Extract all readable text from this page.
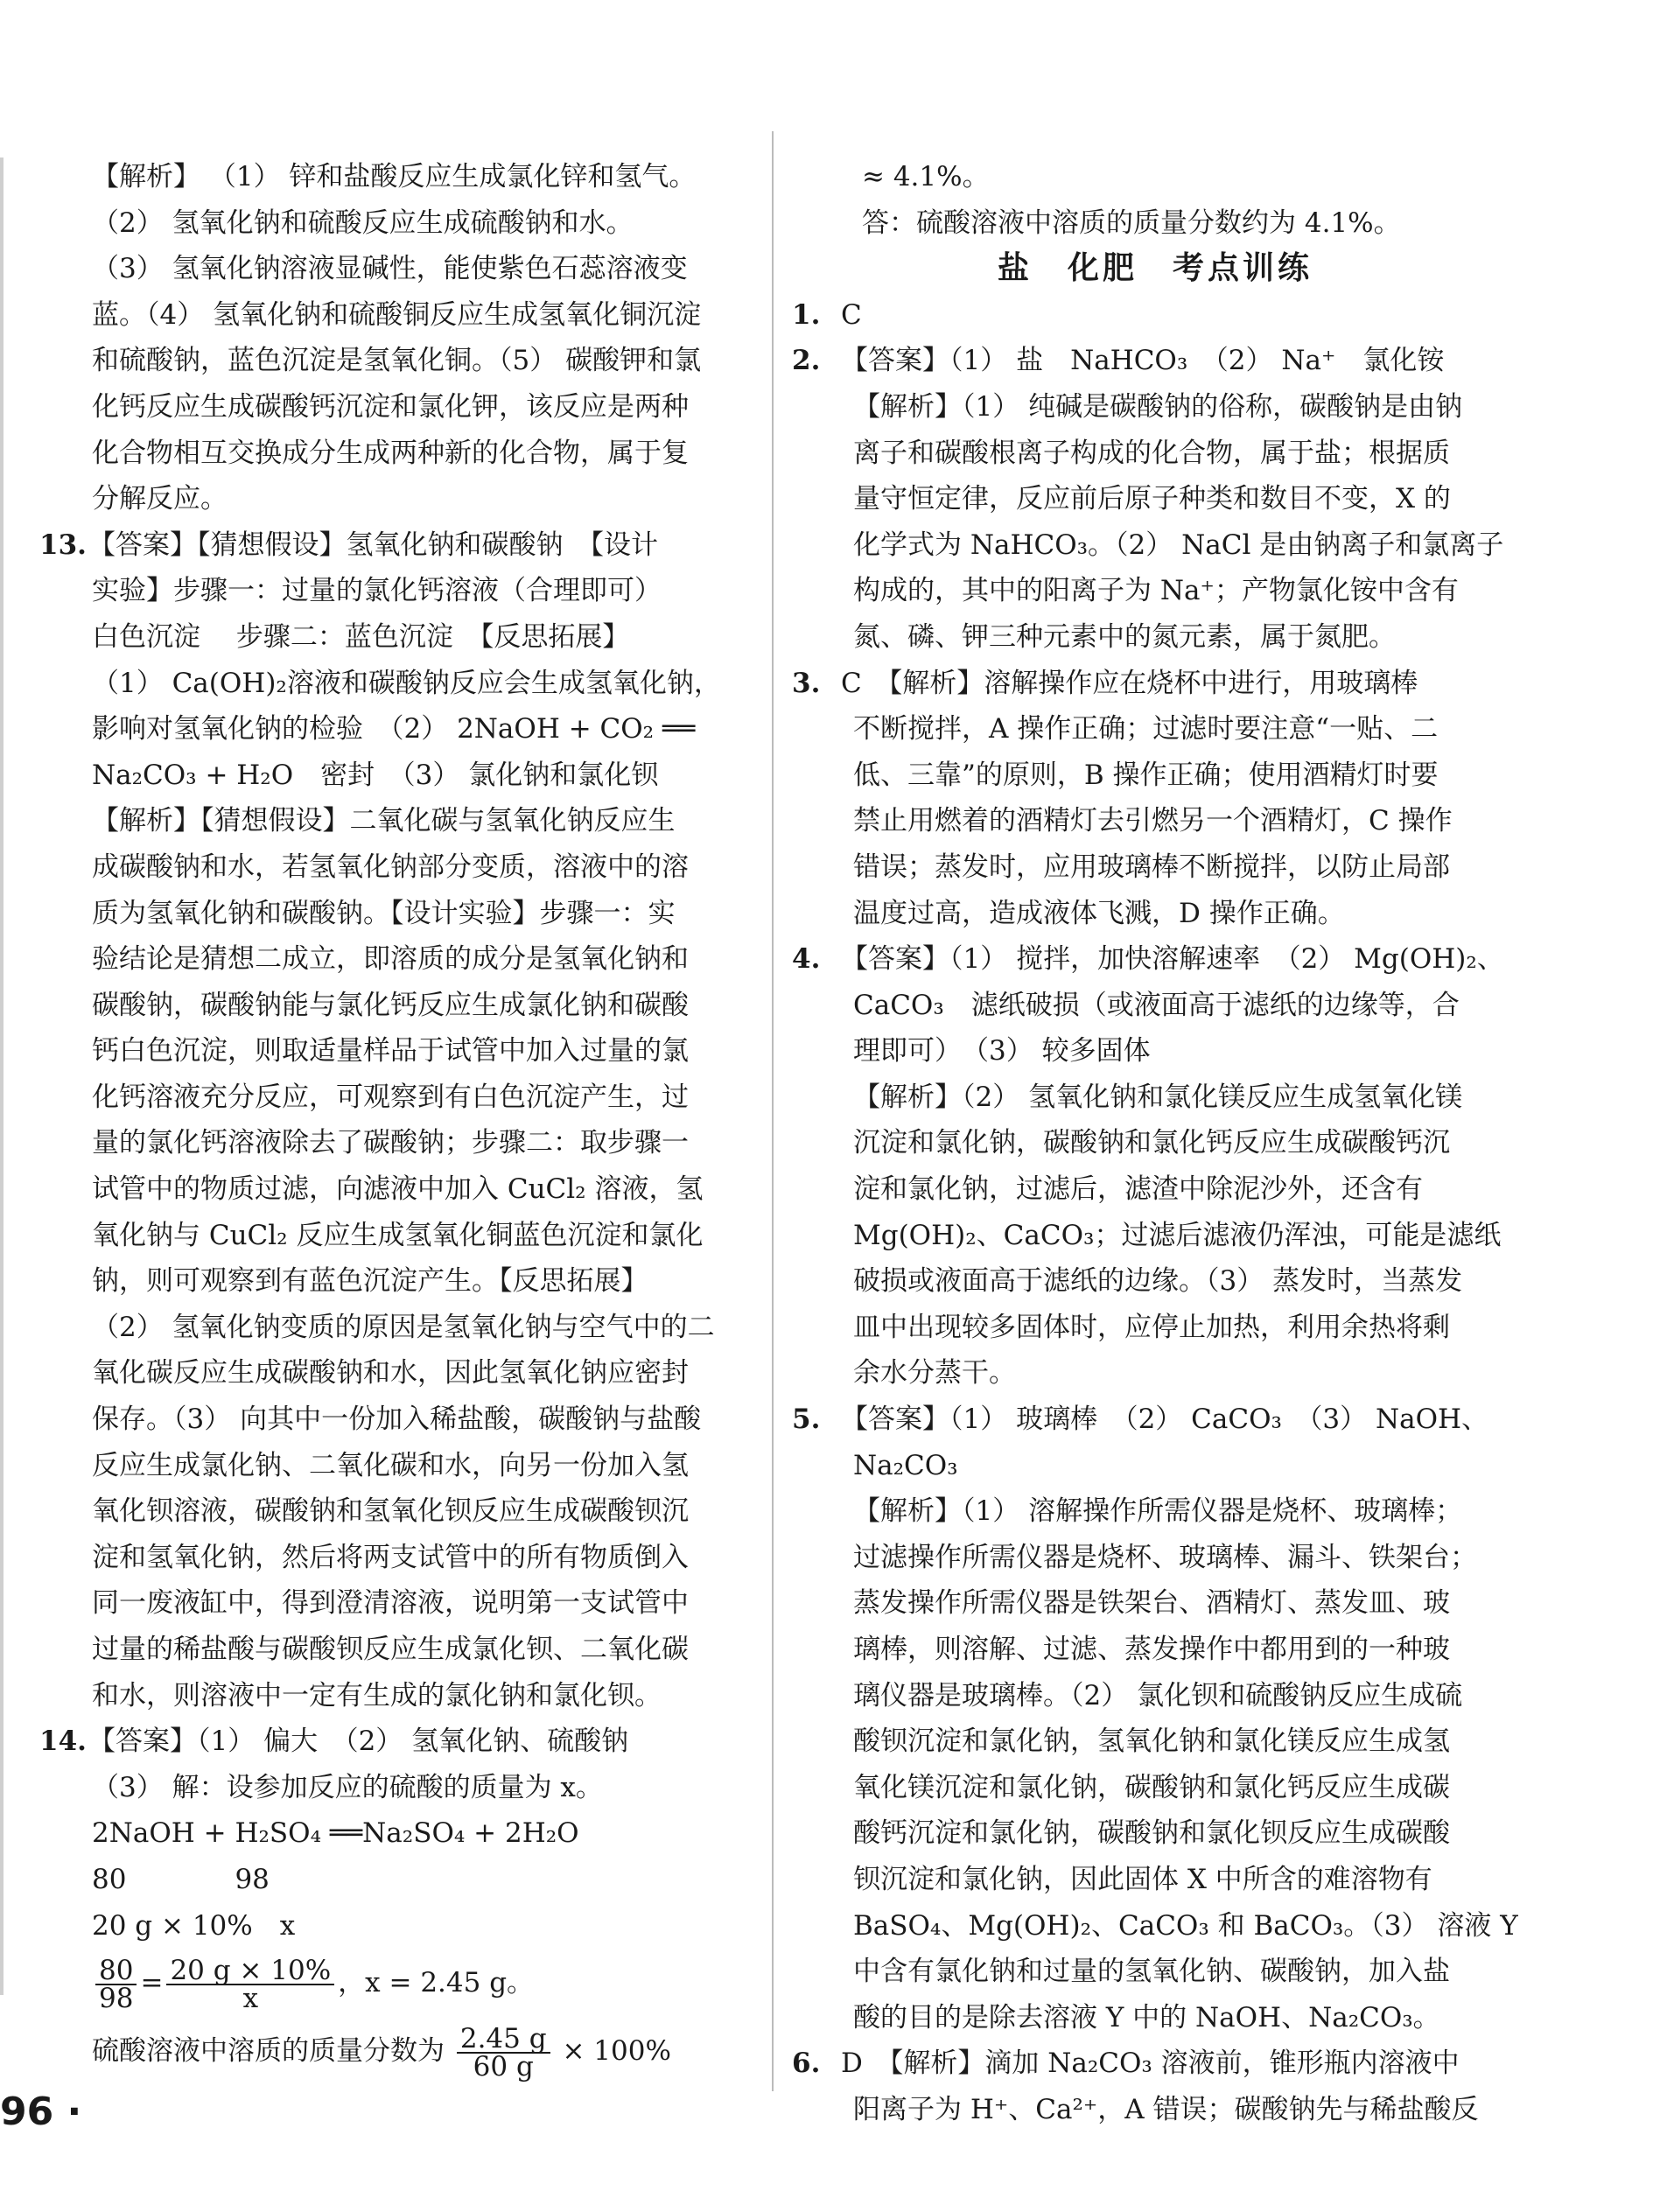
【解析】 （1） 锌和盐酸反应生成氯化锌和氢气。
（2） 氢氧化钠和硫酸反应生成硫酸钠和水。
（3） 氢氧化钠溶液显碱性，能使紫色石蕊溶液变
蓝。（4） 氢氧化钠和硫酸铜反应生成氢氧化铜沉淀
和硫酸钠，蓝色沉淀是氢氧化铜。（5） 碳酸钾和氯
化钙反应生成碳酸钙沉淀和氯化钾，该反应是两种
化合物相互交换成分生成两种新的化合物，属于复
分解反应。
13.【答案】【猜想假设】氢氧化钠和碳酸钠　【设计
实验】步骤一：过量的氯化钙溶液（合理即可）
白色沉淀　 步骤二：蓝色沉淀　【反思拓展】
（1） Ca(OH)₂溶液和碳酸钠反应会生成氢氧化钠，
影响对氢氧化钠的检验　（2） 2NaOH + CO₂ ══
Na₂CO₃ + H₂O　密封　（3） 氯化钠和氯化钡
【解析】【猜想假设】二氧化碳与氢氧化钠反应生
成碳酸钠和水，若氢氧化钠部分变质，溶液中的溶
质为氢氧化钠和碳酸钠。【设计实验】步骤一：实
验结论是猜想二成立，即溶质的成分是氢氧化钠和
碳酸钠，碳酸钠能与氯化钙反应生成氯化钠和碳酸
钙白色沉淀，则取适量样品于试管中加入过量的氯
化钙溶液充分反应，可观察到有白色沉淀产生，过
量的氯化钙溶液除去了碳酸钠；步骤二：取步骤一
试管中的物质过滤，向滤液中加入 CuCl₂ 溶液，氢
氧化钠与 CuCl₂ 反应生成氢氧化铜蓝色沉淀和氯化
钠，则可观察到有蓝色沉淀产生。【反思拓展】
（2） 氢氧化钠变质的原因是氢氧化钠与空气中的二
氧化碳反应生成碳酸钠和水，因此氢氧化钠应密封
保存。（3） 向其中一份加入稀盐酸，碳酸钠与盐酸
反应生成氯化钠、二氧化碳和水，向另一份加入氢
氧化钡溶液，碳酸钠和氢氧化钡反应生成碳酸钡沉
淀和氢氧化钠，然后将两支试管中的所有物质倒入
同一废液缸中，得到澄清溶液，说明第一支试管中
过量的稀盐酸与碳酸钡反应生成氯化钡、二氧化碳
和水，则溶液中一定有生成的氯化钠和氯化钡。
14.【答案】（1） 偏大　（2） 氢氧化钠、硫酸钠
（3） 解：设参加反应的硫酸的质量为 x。
2NaOH + H₂SO₄ ══Na₂SO₄ + 2H₂O
80　　　　98
20 g × 10%　x
$\frac{80}{98} = \frac{20 g \times 10\%}{x}$ ，x = 2.45 g。
硫酸溶液中溶质的质量分数为 $\frac{2.45 g}{60 g} \times 100\%$
≈ 4.1%。
答：硫酸溶液中溶质的质量分数约为 4.1%。
盐　化肥　考点训练
1. C
2. 【答案】（1） 盐　NaHCO₃　（2） Na⁺　氯化铵
【解析】（1） 纯碱是碳酸钠的俗称，碳酸钠是由钠
离子和碳酸根离子构成的化合物，属于盐；根据质
量守恒定律，反应前后原子种类和数目不变，X 的
化学式为 NaHCO₃。（2） NaCl 是由钠离子和氯离子
构成的，其中的阳离子为 Na⁺；产物氯化铵中含有
氮、磷、钾三种元素中的氮元素，属于氮肥。
3. C　【解析】溶解操作应在烧杯中进行，用玻璃棒
不断搅拌，A 操作正确；过滤时要注意“一贴、二
低、三靠”的原则，B 操作正确；使用酒精灯时要
禁止用燃着的酒精灯去引燃另一个酒精灯，C 操作
错误；蒸发时，应用玻璃棒不断搅拌，以防止局部
温度过高，造成液体飞溅，D 操作正确。
4. 【答案】（1） 搅拌，加快溶解速率　（2） Mg(OH)₂、
CaCO₃　滤纸破损（或液面高于滤纸的边缘等，合
理即可）　（3） 较多固体
【解析】（2） 氢氧化钠和氯化镁反应生成氢氧化镁
沉淀和氯化钠，碳酸钠和氯化钙反应生成碳酸钙沉
淀和氯化钠，过滤后，滤渣中除泥沙外，还含有
Mg(OH)₂、CaCO₃；过滤后滤液仍浑浊，可能是滤纸
破损或液面高于滤纸的边缘。（3） 蒸发时，当蒸发
皿中出现较多固体时，应停止加热，利用余热将剩
余水分蒸干。
5. 【答案】（1） 玻璃棒　（2） CaCO₃　（3） NaOH、
Na₂CO₃
【解析】（1） 溶解操作所需仪器是烧杯、玻璃棒；
过滤操作所需仪器是烧杯、玻璃棒、漏斗、铁架台；
蒸发操作所需仪器是铁架台、酒精灯、蒸发皿、玻
璃棒，则溶解、过滤、蒸发操作中都用到的一种玻
璃仪器是玻璃棒。（2） 氯化钡和硫酸钠反应生成硫
酸钡沉淀和氯化钠，氢氧化钠和氯化镁反应生成氢
氧化镁沉淀和氯化钠，碳酸钠和氯化钙反应生成碳
酸钙沉淀和氯化钠，碳酸钠和氯化钡反应生成碳酸
钡沉淀和氯化钠，因此固体 X 中所含的难溶物有
BaSO₄、Mg(OH)₂、CaCO₃ 和 BaCO₃。（3） 溶液 Y
中含有氯化钠和过量的氢氧化钠、碳酸钠，加入盐
酸的目的是除去溶液 Y 中的 NaOH、Na₂CO₃。
6. D　【解析】滴加 Na₂CO₃ 溶液前，锥形瓶内溶液中
阳离子为 H⁺、Ca²⁺，A 错误；碳酸钠先与稀盐酸反
96 ·
